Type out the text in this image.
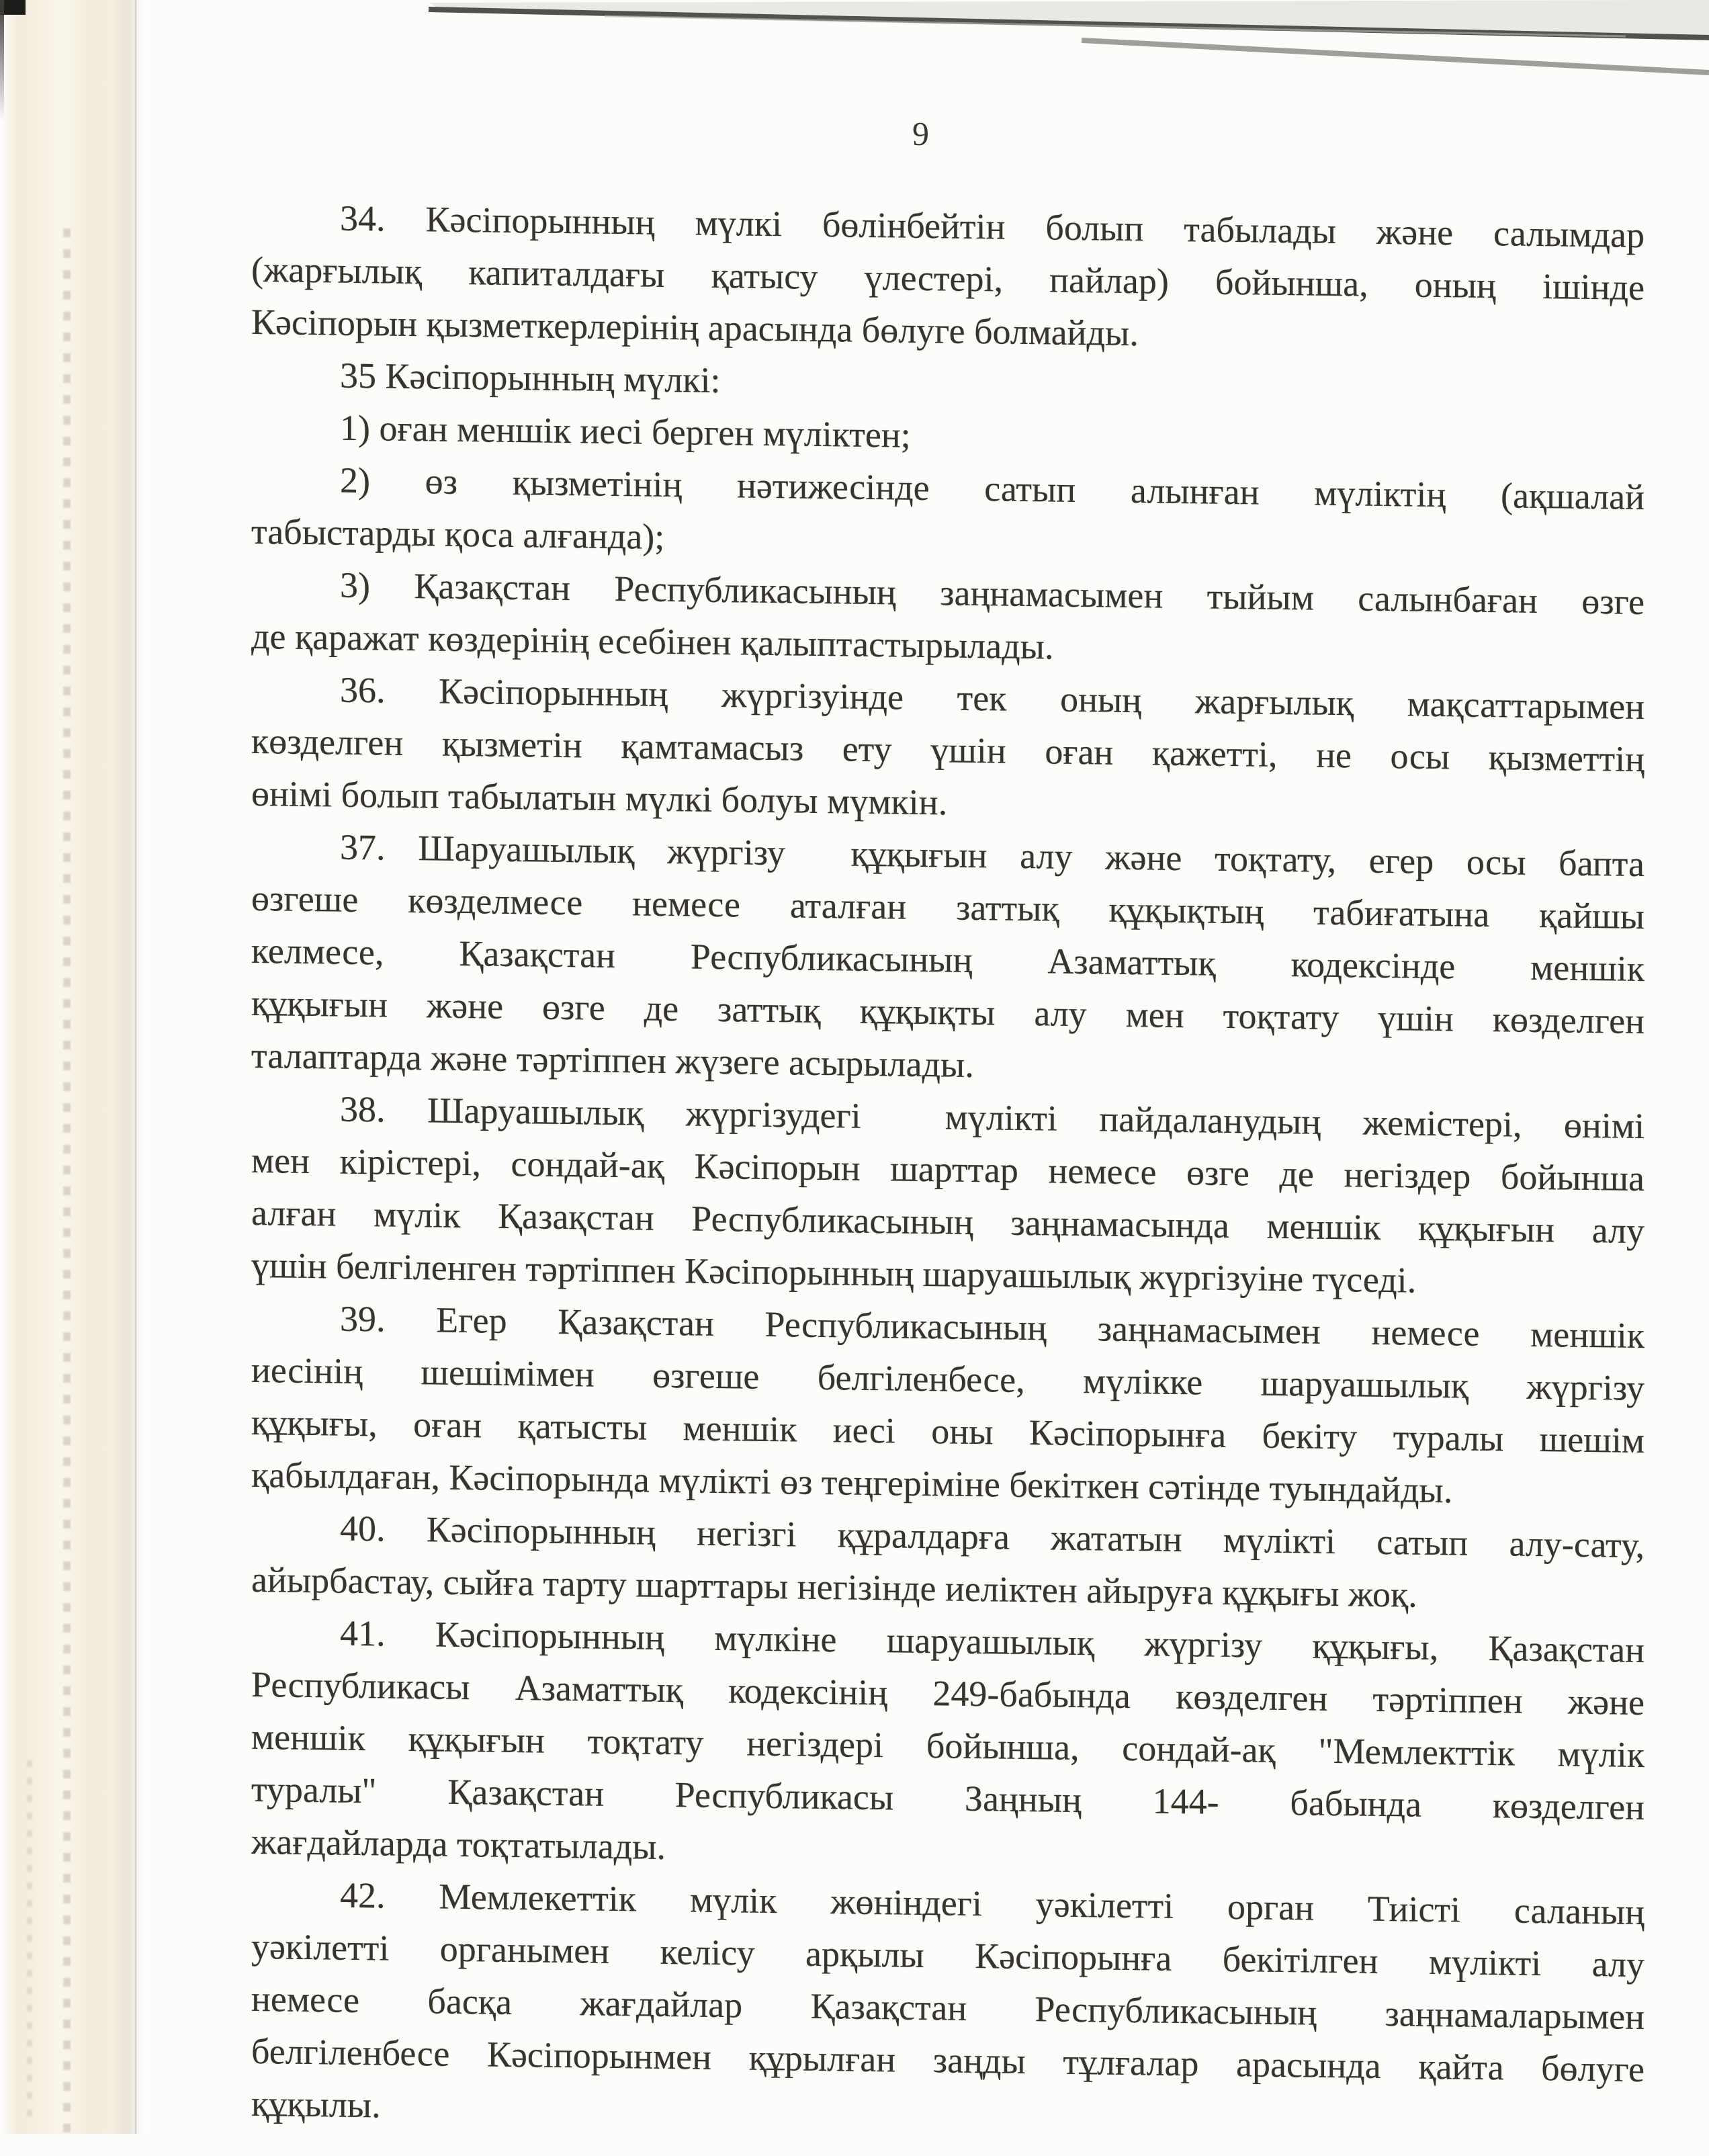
9
34. Кәсіпорынның мүлкі бөлінбейтін болып табылады және салымдар
(жарғылық капиталдағы қатысу үлестері, пайлар) бойынша, оның ішінде
Кәсіпорын қызметкерлерінің арасында бөлуге болмайды.
35 Кәсіпорынның мүлкі:
1) оған меншік иесі берген мүліктен;
2) өз қызметінің нәтижесінде сатып алынған мүліктің (ақшалай
табыстарды қоса алғанда);
3) Қазақстан Республикасының заңнамасымен тыйым салынбаған өзге
де қаражат көздерінің есебінен қалыптастырылады.
36. Кәсіпорынның жүргізуінде тек оның жарғылық мақсаттарымен
көзделген қызметін қамтамасыз ету үшін оған қажетті, не осы қызметтің
өнімі болып табылатын мүлкі болуы мүмкін.
37. Шаруашылық жүргізу  құқығын алу және тоқтату, егер осы бапта
өзгеше көзделмесе немесе аталған заттық құқықтың табиғатына қайшы
келмесе, Қазақстан Республикасының Азаматтық кодексінде меншік
құқығын және өзге де заттық құқықты алу мен тоқтату үшін көзделген
талаптарда және тәртіппен жүзеге асырылады.
38. Шаруашылық жүргізудегі  мүлікті пайдаланудың жемістері, өнімі
мен кірістері, сондай-ақ Кәсіпорын шарттар немесе өзге де негіздер бойынша
алған мүлік Қазақстан Республикасының заңнамасында меншік құқығын алу
үшін белгіленген тәртіппен Кәсіпорынның шаруашылық жүргізуіне түседі.
39. Егер Қазақстан Республикасының заңнамасымен немесе меншік
иесінің шешімімен өзгеше белгіленбесе, мүлікке шаруашылық жүргізу
құқығы, оған қатысты меншік иесі оны Кәсіпорынға бекіту туралы шешім
қабылдаған, Кәсіпорында мүлікті өз теңгеріміне бекіткен сәтінде туындайды.
40. Кәсіпорынның негізгі құралдарға жататын мүлікті сатып алу-сату,
айырбастау, сыйға тарту шарттары негізінде иеліктен айыруға құқығы жоқ.
41. Кәсіпорынның мүлкіне шаруашылық жүргізу құқығы, Қазақстан
Республикасы Азаматтық кодексінің 249-бабында көзделген тәртіппен және
меншік құқығын тоқтату негіздері бойынша, сондай-ақ "Мемлекттік мүлік
туралы" Қазақстан Республикасы Заңның 144- бабында көзделген
жағдайларда тоқтатылады.
42. Мемлекеттік мүлік жөніндегі уәкілетті орган Тиісті саланың
уәкілетті органымен келісу арқылы Кәсіпорынға бекітілген мүлікті алу
немесе басқа жағдайлар Қазақстан Республикасының заңнамаларымен
белгіленбесе Кәсіпорынмен құрылған заңды тұлғалар арасында қайта бөлуге
құқылы.
